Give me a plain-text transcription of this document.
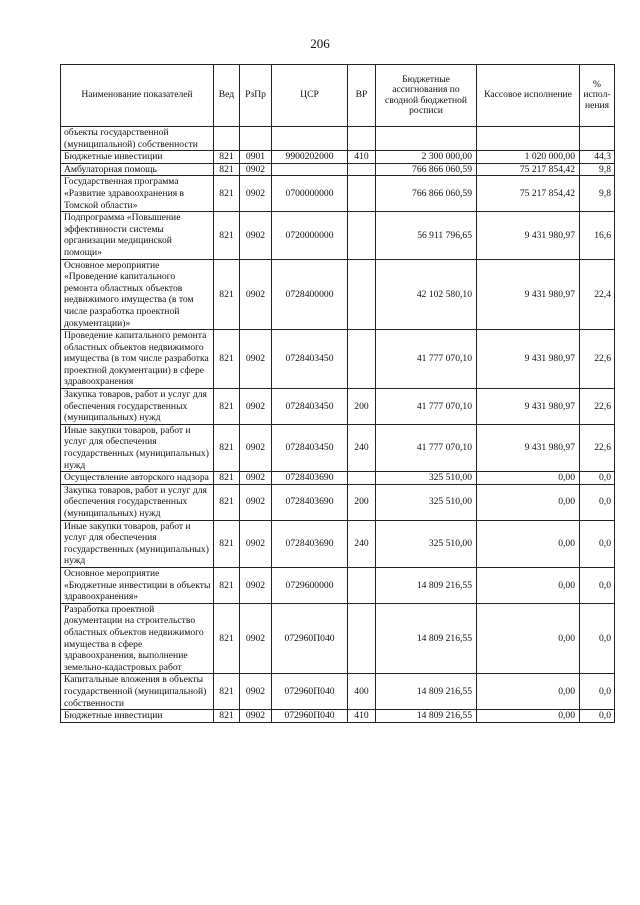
206
Наименование показателей	Вед	РзПр	ЦСР	ВР	Бюджетные ассигнования по сводной бюджетной росписи	Кассовое исполнение	% испол-нения
объекты государственной (муниципальной) собственности							
Бюджетные инвестиции	821	0901	9900202000	410	2 300 000,00	1 020 000,00	44,3
Амбулаторная помощь	821	0902			766 866 060,59	75 217 854,42	9,8
Государственная программа «Развитие здравоохранения в Томской области»	821	0902	0700000000		766 866 060,59	75 217 854,42	9,8
Подпрограмма «Повышение эффективности системы организации медицинской помощи»	821	0902	0720000000		56 911 796,65	9 431 980,97	16,6
Основное мероприятие «Проведение капитального ремонта областных объектов недвижимого имущества (в том числе разработка проектной документации)»	821	0902	0728400000		42 102 580,10	9 431 980,97	22,4
Проведение капитального ремонта областных объектов недвижимого имущества (в том числе разработка проектной документации) в сфере здравоохранения	821	0902	0728403450		41 777 070,10	9 431 980,97	22,6
Закупка товаров, работ и услуг для обеспечения государственных (муниципальных) нужд	821	0902	0728403450	200	41 777 070,10	9 431 980,97	22,6
Иные закупки товаров, работ и услуг для обеспечения государственных (муниципальных) нужд	821	0902	0728403450	240	41 777 070,10	9 431 980,97	22,6
Осуществление авторского надзора	821	0902	0728403690		325 510,00	0,00	0,0
Закупка товаров, работ и услуг для обеспечения государственных (муниципальных) нужд	821	0902	0728403690	200	325 510,00	0,00	0,0
Иные закупки товаров, работ и услуг для обеспечения государственных (муниципальных) нужд	821	0902	0728403690	240	325 510,00	0,00	0,0
Основное мероприятие «Бюджетные инвестиции в объекты здравоохранения»	821	0902	0729600000		14 809 216,55	0,00	0,0
Разработка проектной документации на строительство областных объектов недвижимого имущества в сфере здравоохранения, выполнение земельно-кадастровых работ	821	0902	072960П040		14 809 216,55	0,00	0,0
Капитальные вложения в объекты государственной (муниципальной) собственности	821	0902	072960П040	400	14 809 216,55	0,00	0,0
Бюджетные инвестиции	821	0902	072960П040	410	14 809 216,55	0,00	0,0
